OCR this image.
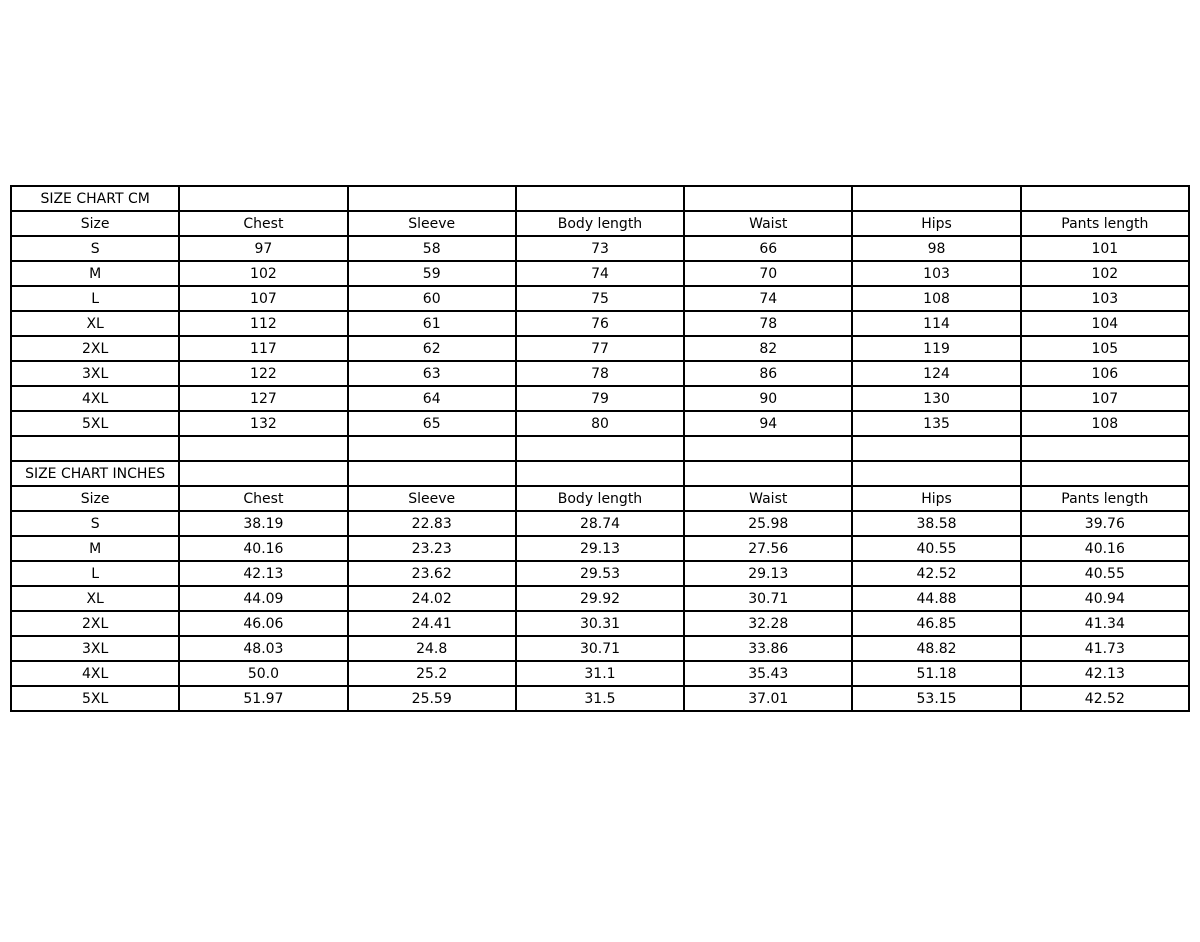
SIZE CHART CM						
Size	Chest	Sleeve	Body length	Waist	Hips	Pants length
S	97	58	73	66	98	101
M	102	59	74	70	103	102
L	107	60	75	74	108	103
XL	112	61	76	78	114	104
2XL	117	62	77	82	119	105
3XL	122	63	78	86	124	106
4XL	127	64	79	90	130	107
5XL	132	65	80	94	135	108

SIZE CHART INCHES						
Size	Chest	Sleeve	Body length	Waist	Hips	Pants length
S	38.19	22.83	28.74	25.98	38.58	39.76
M	40.16	23.23	29.13	27.56	40.55	40.16
L	42.13	23.62	29.53	29.13	42.52	40.55
XL	44.09	24.02	29.92	30.71	44.88	40.94
2XL	46.06	24.41	30.31	32.28	46.85	41.34
3XL	48.03	24.8	30.71	33.86	48.82	41.73
4XL	50.0	25.2	31.1	35.43	51.18	42.13
5XL	51.97	25.59	31.5	37.01	53.15	42.52
